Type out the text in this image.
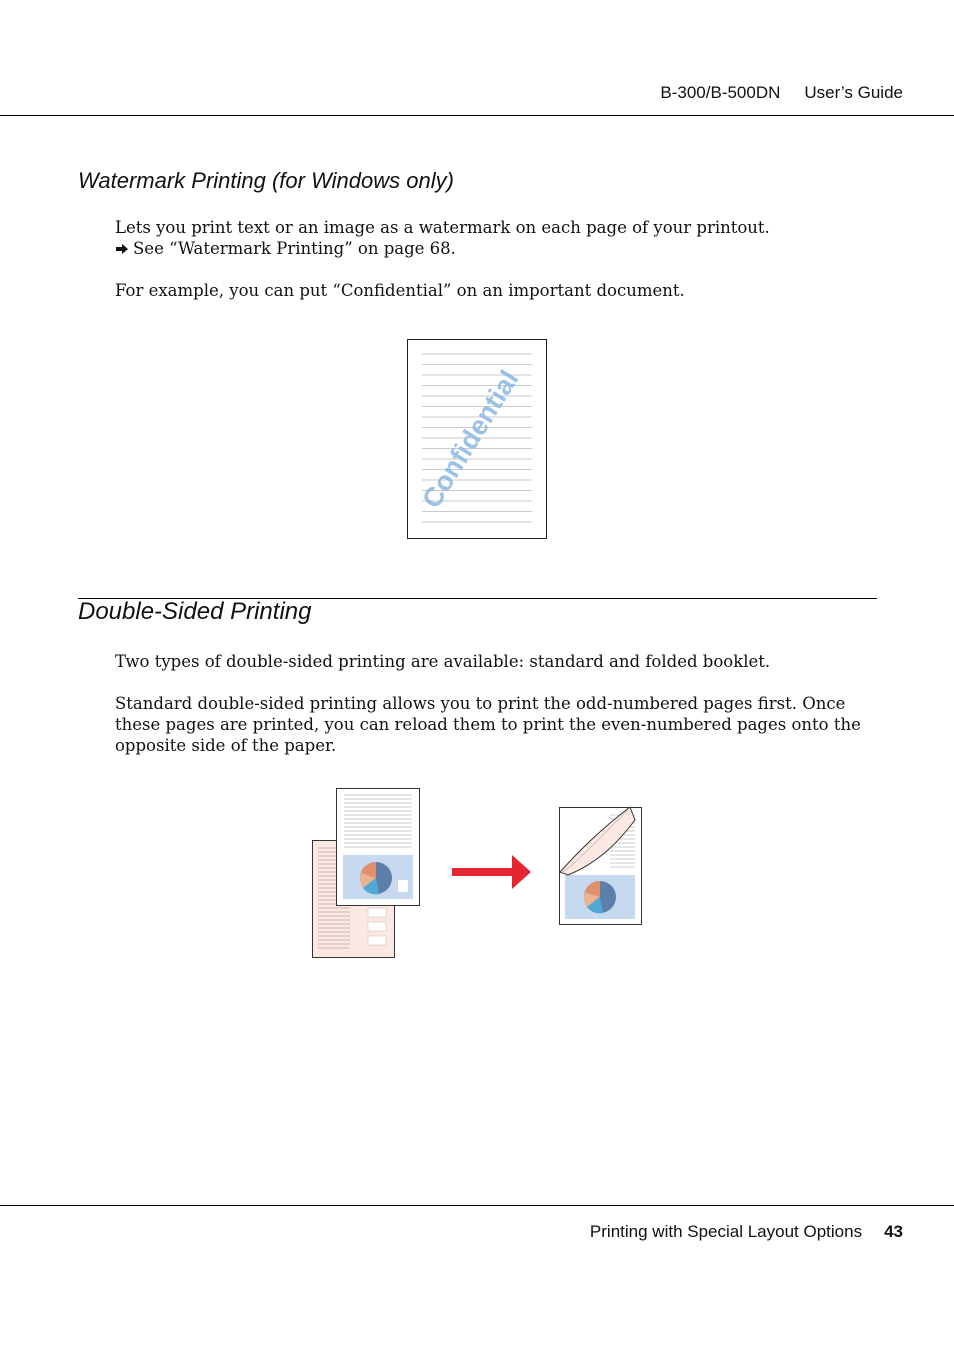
B-300/B-500DN User’s Guide
Watermark Printing (for Windows only)
Lets you print text or an image as a watermark on each page of your printout.
See “Watermark Printing” on page 68.
For example, you can put “Confidential” on an important document.
Confidential
Double-Sided Printing
Two types of double-sided printing are available: standard and folded booklet.
Standard double-sided printing allows you to print the odd-numbered pages first. Once these pages are printed, you can reload them to print the even-numbered pages onto the opposite side of the paper.
Printing with Special Layout Options 43
